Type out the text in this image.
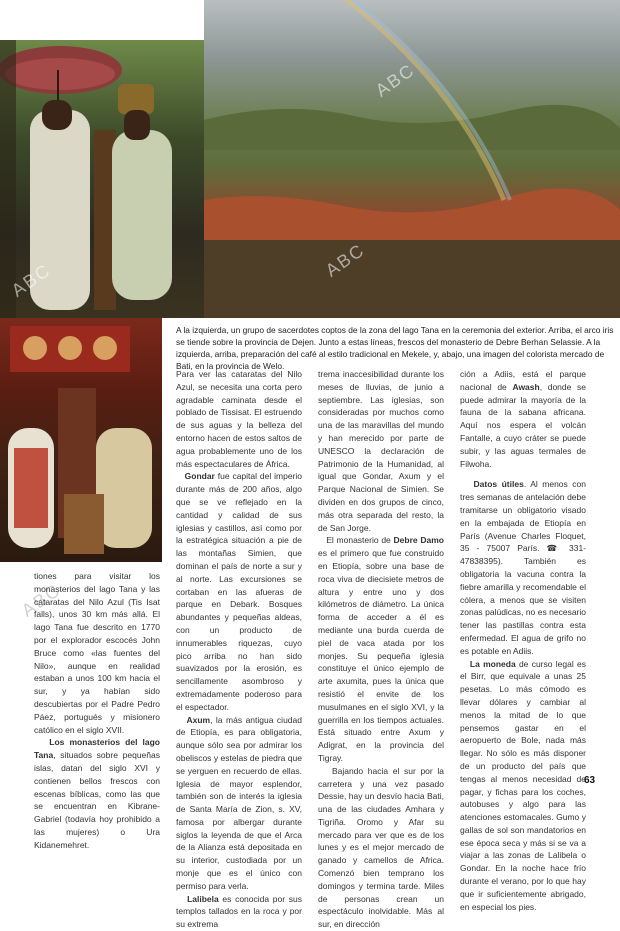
ABC
ABC
ABC

A la izquierda, un grupo de sacerdotes coptos de la zona del lago Tana en la ceremonia del exterior. Arriba, el arco iris se tiende sobre la provincia de Dejen. Junto a estas líneas, frescos del monasterio de Debre Berhan Selassie. A la izquierda, arriba, preparación del café al estilo tradicional en Mekele, y, abajo, una imagen del colorista mercado de Bati, en la provincia de Welo.

Para ver las cataratas del Nilo Azul, se necesita una corta pero agradable caminata desde el poblado de Tissisat. El estruendo de sus aguas y la belleza del entorno hacen de estos saltos de agua probablemente uno de los más espectaculares de África.

Gondar fue capital del imperio durante más de 200 años, algo que se ve reflejado en la cantidad y calidad de sus iglesias y castillos, así como por la estratégica situación a pie de las montañas Simien, que dominan el país de norte a sur y al norte. Las excursiones se cortaban en las afueras de parque en Debark. Bosques abundantes y pequeñas aldeas, con un producto de innumerables riquezas, cuyo pico arriba no han sido suavizados por la erosión, es sencillamente asombroso y extremadamente poderoso para el espectador.

Axum, la más antigua ciudad de Etiopía, es para obligatoria, aunque sólo sea por admirar los obeliscos y estelas de piedra que se yerguen en recuerdo de ellas. Iglesia de mayor esplendor, también son de interés la iglesia de Santa María de Zion, s. XV, famosa por albergar durante siglos la leyenda de que el Arca de la Alianza está depositada en su interior, custodiada por un monje que es el único con permiso para verla.

Lalibela es conocida por sus templos tallados en la roca y por su extrema

tiones para visitar los monasterios del lago Tana y las cataratas del Nilo Azul (Tis Isat falls), unos 30 km más allá. El lago Tana fue descrito en 1770 por el explorador escocés John Bruce como «las fuentes del Nilo», aunque en realidad estaban a unos 100 km hacia el sur, y ya habían sido descubiertas por el Padre Pedro Páez, portugués y misionero católico en el siglo XVII.

Los monasterios del lago Tana, situados sobre pequeñas islas, datan del siglo XVI y contienen bellos frescos con escenas bíblicas, como las que se encuentran en Kibrane-Gabriel (todavía hoy prohibido a las mujeres) o Ura Kidanemehret.

trema inaccesibilidad durante los meses de lluvias, de junio a septiembre. Las iglesias, son consideradas por muchos como una de las maravillas del mundo y han merecido por parte de UNESCO la declaración de Patrimonio de la Humanidad, al igual que Gondar, Axum y el Parque Nacional de Simien. Se dividen en dos grupos de cinco, más otra separada del resto, la de San Jorge.

El monasterio de Debre Damo es el primero que fue construido en Etiopía, sobre una base de roca viva de diecisiete metros de altura y entre uno y dos kilómetros de diámetro. La única forma de acceder a él es mediante una burda cuerda de piel de vaca atada por los monjes. Su pequeña iglesia constituye el único ejemplo de arte axumita, pues la única que resistió el envite de los musulmanes en el siglo XVI, y la guerrilla en los tiempos actuales. Está situado entre Axum y Adigrat, en la provincia del Tigray.

Bajando hacia el sur por la carretera y una vez pasado Dessie, hay un desvío hacia Bati, una de las ciudades Amhara y Tigriña. Oromo y Afar su mercado para ver que es de los lunes y es el mejor mercado de ganado y camellos de Africa. Comenzó bien temprano los domingos y termina tarde. Miles de personas crean un espectáculo inolvidable. Más al sur, en dirección

ción a Adiis, está el parque nacional de Awash, donde se puede admirar la mayoría de la fauna de la sabana africana. Aquí nos espera el volcán Fantalle, a cuyo cráter se puede subir, y las aguas termales de Filwoha.

Datos útiles. Al menos con tres semanas de antelación debe tramitarse un obligatorio visado en la embajada de Etiopía en París (Avenue Charles Floquet, 35 - 75007 París. ☎ 331-47838395). También es obligatoria la vacuna contra la fiebre amarilla y recomendable el cólera, a menos que se visiten zonas palúdicas, no es necesario tener las pastillas contra esta enfermedad. El agua de grifo no es potable en Adiis.

La moneda de curso legal es el Birr, que equivale a unas 25 pesetas. Lo más cómodo es llevar dólares y cambiar al menos la mitad de lo que pensemos gastar en el aeropuerto de Bole, nada más llegar. No sólo es más disponer de un producto del país que tengas al menos necesidad de pagar, y fichas para los coches, autobuses y algo para las atenciones estomacales. Gumo y gallas de sol son mandatorios en ese época seca y más si se va a viajar a las zonas de Lalibela o Gondar. En la noche hace frío durante el verano, por lo que hay que ir suficientemente abrigado, en especial los pies.

63
ABC
